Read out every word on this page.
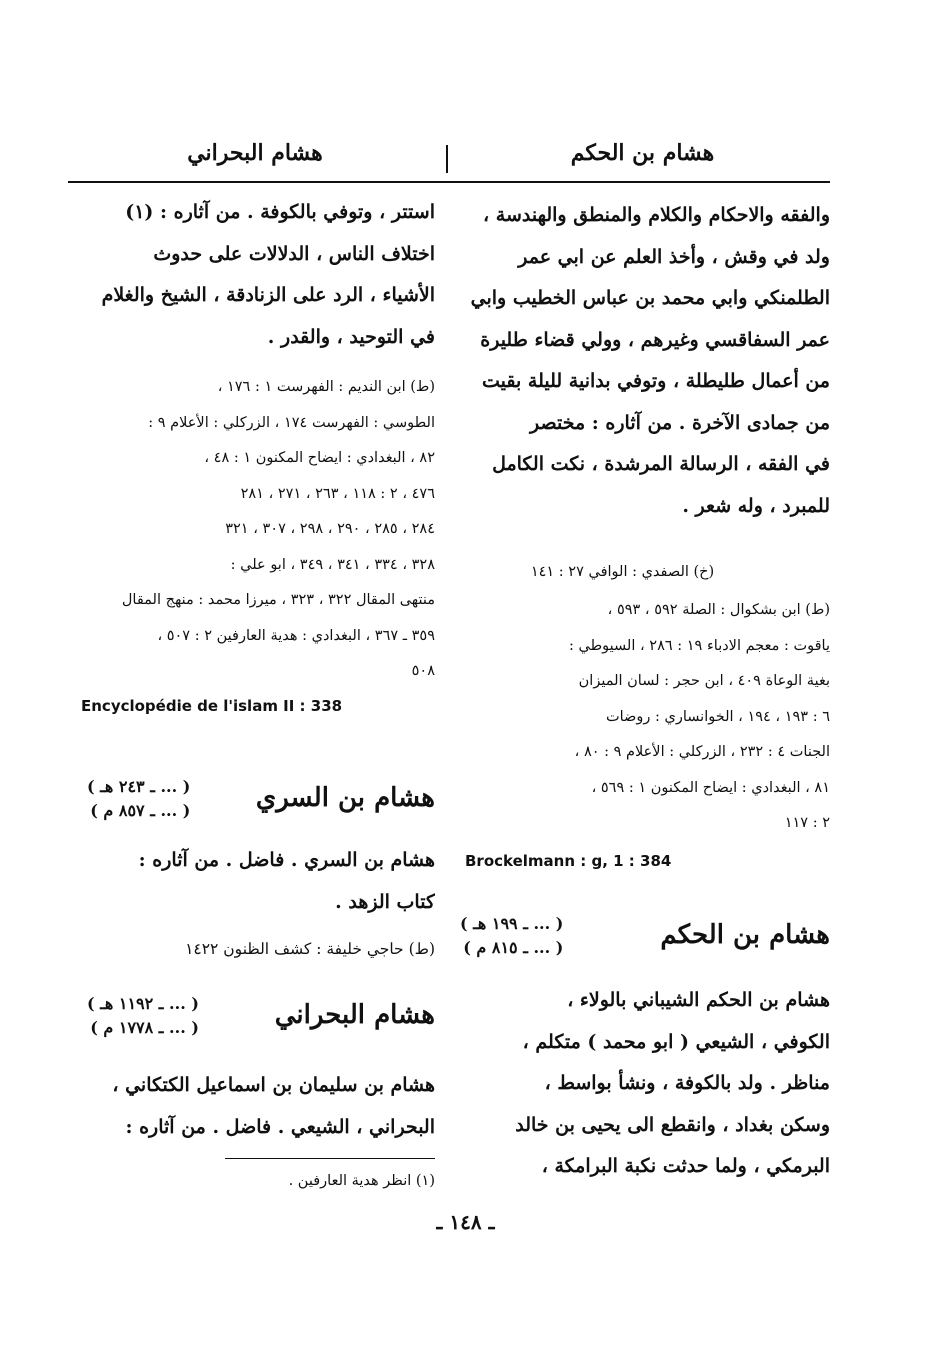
هشام بن الحكم
والفقه والاحكام والكلام والمنطق والهندسة ،
ولد في وقش ، وأخذ العلم عن ابي عمر
الطلمنكي وابي محمد بن عباس الخطيب وابي
عمر السفاقسي وغيرهم ، وولي قضاء طليرة
من أعمال طليطلة ، وتوفي بدانية لليلة بقيت
من جمادى الآخرة . من آثاره : مختصر
في الفقه ، الرسالة المرشدة ، نكت الكامل
للمبرد ، وله شعر .
(خ) الصفدي : الوافي ٢٧ : ١٤١
(ط) ابن بشكوال : الصلة ٥٩٢ ، ٥٩٣ ،
ياقوت : معجم الادباء ١٩ : ٢٨٦ ، السيوطي :
بغية الوعاة ٤٠٩ ، ابن حجر : لسان الميزان
٦ : ١٩٣ ، ١٩٤ ، الخوانساري : روضات
الجنات ٤ : ٢٣٢ ، الزركلي : الأعلام ٩ : ٨٠ ،
٨١ ، البغدادي : ايضاح المكنون ١ : ٥٦٩ ،
٢ : ١١٧
Brockelmann : g, 1 : 384
هشام بن الحكم
( ... ـ ١٩٩ هـ )
( ... ـ ٨١٥ م )
هشام بن الحكم الشيباني بالولاء ،
الكوفي ، الشيعي ( ابو محمد ) متكلم ،
مناظر . ولد بالكوفة ، ونشأ بواسط ،
وسكن بغداد ، وانقطع الى يحيى بن خالد
البرمكي ، ولما حدثت نكبة البرامكة ،
هشام البحراني
استتر ، وتوفي بالكوفة . من آثاره : (١)
اختلاف الناس ، الدلالات على حدوث
الأشياء ، الرد على الزنادقة ، الشيخ والغلام
في التوحيد ، والقدر .
(ط) ابن النديم : الفهرست ١ : ١٧٦ ،
الطوسي : الفهرست ١٧٤ ، الزركلي : الأعلام ٩ :
٨٢ ، البغدادي : ايضاح المكنون ١ : ٤٨ ،
٤٧٦ ، ٢ : ١١٨ ، ٢٦٣ ، ٢٧١ ، ٢٨١
٢٨٤ ، ٢٨٥ ، ٢٩٠ ، ٢٩٨ ، ٣٠٧ ، ٣٢١
٣٢٨ ، ٣٣٤ ، ٣٤١ ، ٣٤٩ ، ابو علي :
منتهى المقال ٣٢٢ ، ٣٢٣ ، ميرزا محمد : منهج المقال
٣٥٩ ـ ٣٦٧ ، البغدادي : هدية العارفين ٢ : ٥٠٧ ،
٥٠٨
Encyclopédie de l'islam II : 338
هشام بن السري
( ... ـ ٢٤٣ هـ )
( ... ـ ٨٥٧ م )
هشام بن السري . فاضل . من آثاره :
كتاب الزهد .
(ط) حاجي خليفة : كشف الظنون ١٤٢٢
هشام البحراني
( ... ـ ١١٩٢ هـ )
( ... ـ ١٧٧٨ م )
هشام بن سليمان بن اسماعيل الكتكاني ،
البحراني ، الشيعي . فاضل . من آثاره :
(١) انظر هدية العارفين .
ـ ١٤٨ ـ
